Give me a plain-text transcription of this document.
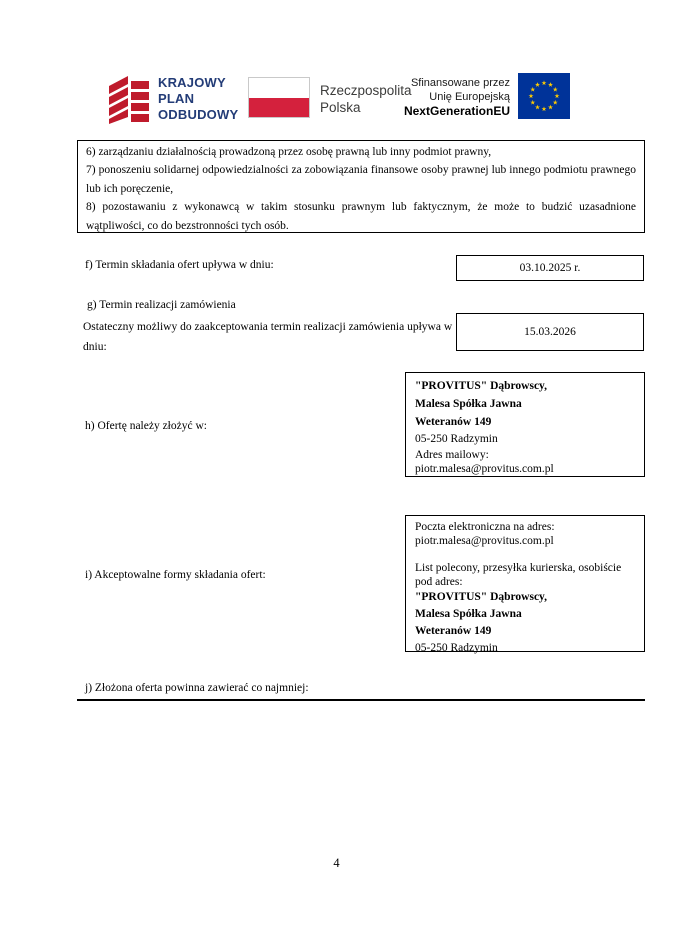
KRAJOWY
PLAN
ODBUDOWY
Rzeczpospolita
Polska
Sfinansowane przez
Unię Europejską
NextGenerationEU

6) zarządzaniu działalnością prowadzoną przez osobę prawną lub inny podmiot prawny,

7) ponoszeniu solidarnej odpowiedzialności za zobowiązania finansowe osoby prawnej lub innego podmiotu prawnego lub ich poręczenie,

8) pozostawaniu z wykonawcą w takim stosunku prawnym lub faktycznym, że może to budzić uzasadnione wątpliwości, co do bezstronności tych osób.

f) Termin składania ofert upływa w dniu:	03.10.2025 r.
g) Termin realizacji zamówienia
Ostateczny możliwy do zaakceptowania termin realizacji zamówienia upływa w dniu:
15.03.2026
h) Ofertę należy złożyć w:
"PROVITUS" Dąbrowscy,
Malesa Spółka Jawna
Weteranów 149
05-250 Radzymin
Adres mailowy:
piotr.malesa@provitus.com.pl
i) Akceptowalne formy składania ofert:
Poczta elektroniczna na adres:
piotr.malesa@provitus.com.pl
List polecony, przesyłka kurierska, osobiście pod adres:
"PROVITUS" Dąbrowscy,
Malesa Spółka Jawna
Weteranów 149
05-250 Radzymin
j) Złożona oferta powinna zawierać co najmniej:
4
